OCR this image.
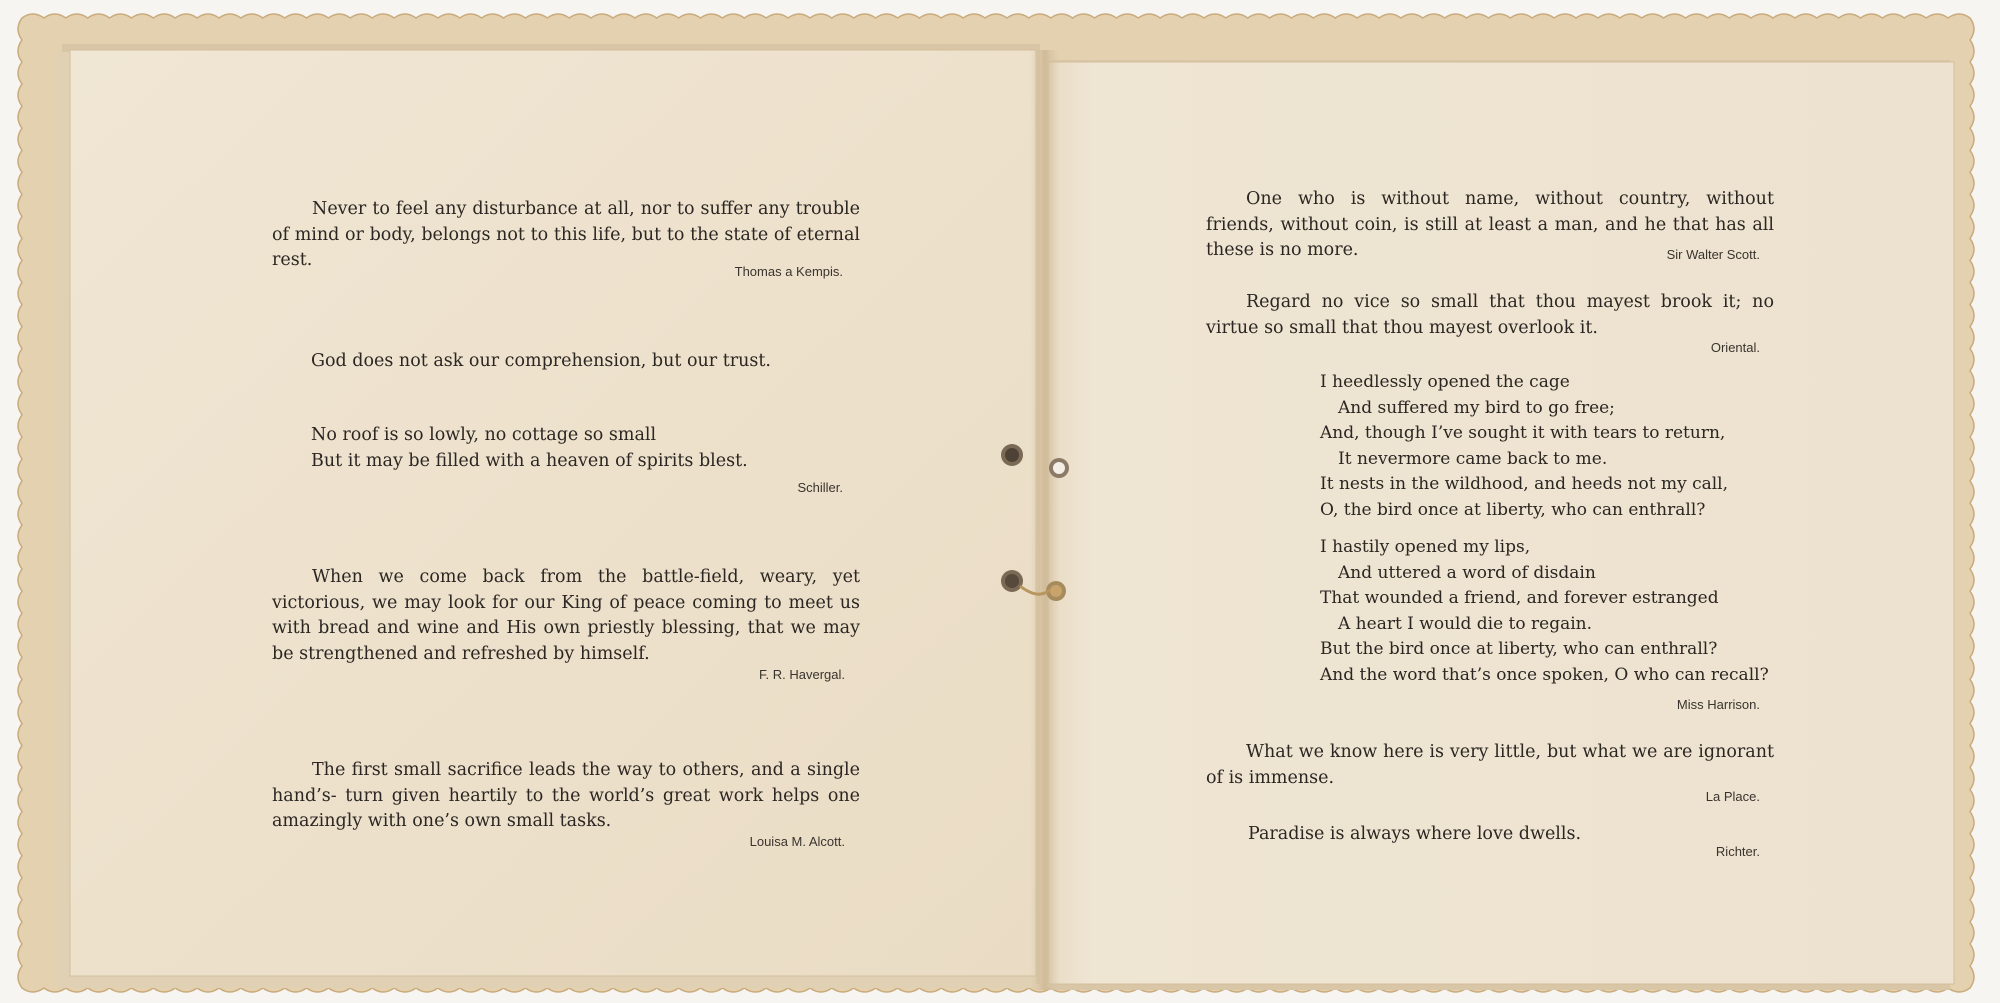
Never to feel any disturbance at all, nor to suffer any trouble of mind or body, belongs not to this life, but to the state of eternal rest.

Thomas a Kempis.

God does not ask our comprehension, but our trust.

No roof is so lowly, no cottage so small
But it may be filled with a heaven of spirits blest.

Schiller.

When we come back from the battle-field, weary, yet victorious, we may look for our King of peace coming to meet us with bread and wine and His own priestly blessing, that we may be strengthened and refreshed by himself.

F. R. Havergal.

The first small sacrifice leads the way to others, and a single hand’s- turn given heartily to the world’s great work helps one amazingly with one’s own small tasks.

Louisa M. Alcott.

One who is without name, without country, without friends, without coin, is still at least a man, and he that has all these is no more.	Sir Walter Scott.

Regard no vice so small that thou mayest brook it; no virtue so small that thou mayest overlook it.

Oriental.

I heedlessly opened the cage
And suffered my bird to go free;
And, though I’ve sought it with tears to return,
It nevermore came back to me.
It nests in the wildhood, and heeds not my call,
O, the bird once at liberty, who can enthrall?
I hastily opened my lips,
And uttered a word of disdain
That wounded a friend, and forever estranged
A heart I would die to regain.
But the bird once at liberty, who can enthrall?
And the word that’s once spoken, O who can recall?

Miss Harrison.

What we know here is very little, but what we are ignorant of is immense.

La Place.

Paradise is always where love dwells.

Richter.
